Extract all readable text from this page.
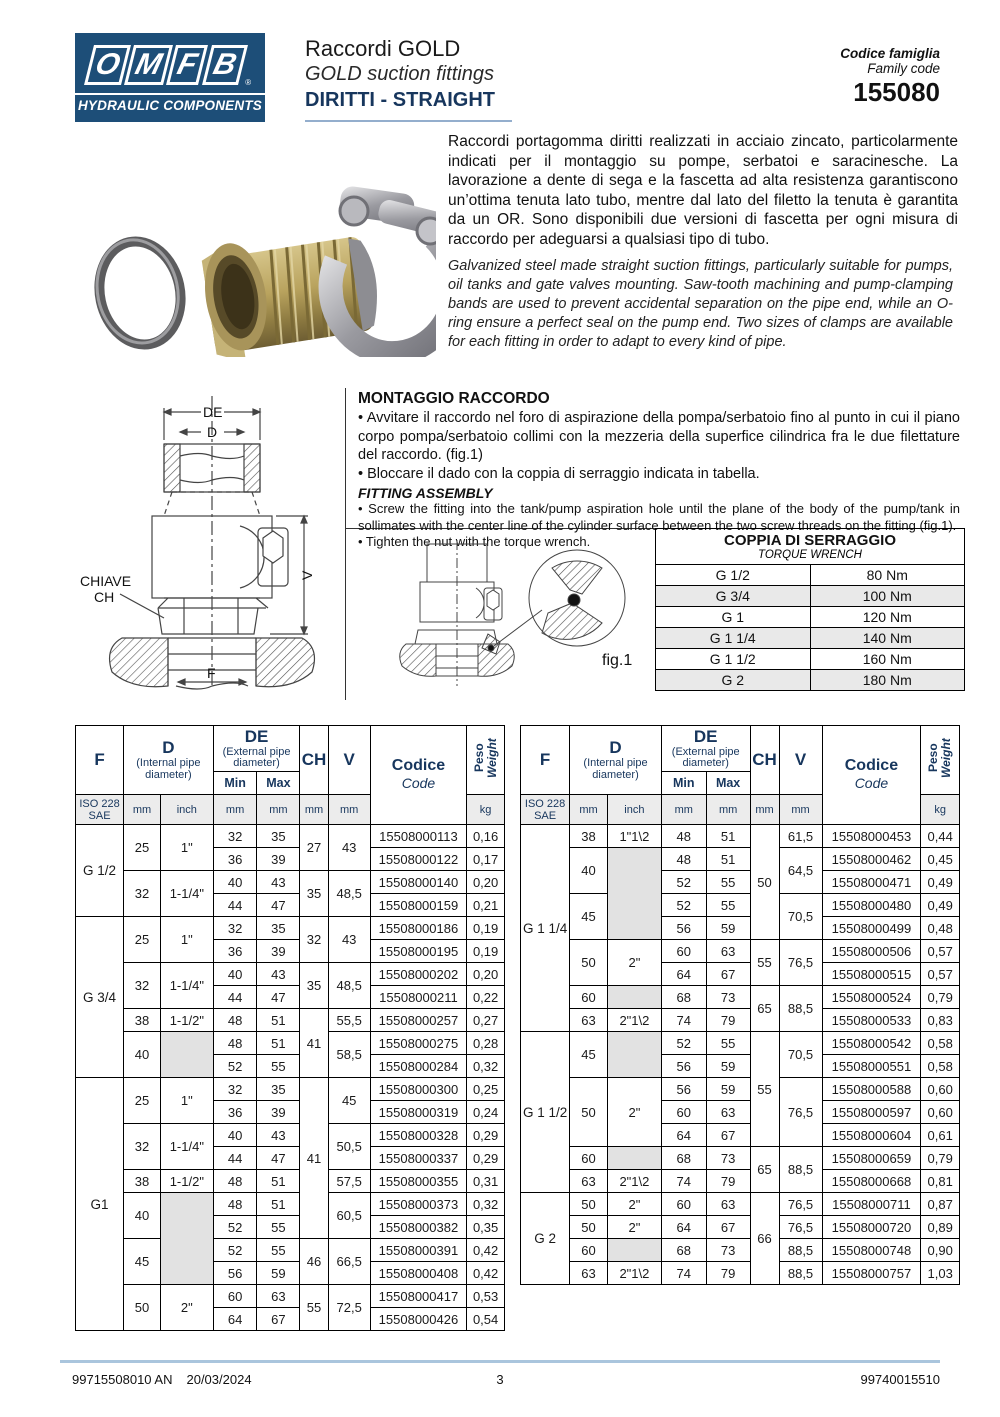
O M F B
®
HYDRAULIC COMPONENTS
Raccordi GOLD
GOLD suction fittings
DIRITTI - STRAIGHT
Codice famiglia
Family code
155080
Raccordi portagomma diritti realizzati in acciaio zincato, particolarmente indicati per il montaggio su pompe, serbatoi e saracinesche. La lavorazione a dente di sega e la fascetta ad alta resistenza garantiscono un’ottima tenuta lato tubo, mentre dal lato del filetto la tenuta è garantita da un OR. Sono disponibili due versioni di fascetta per ogni misura di raccordo per adeguarsi a qualsiasi tipo di tubo.
Galvanized steel made straight suction fittings, particularly suitable for pumps, oil tanks and gate valves mounting. Saw-tooth machining and pump-clamping bands are used to prevent accidental separation on the pipe end, while an O-ring ensure a perfect seal on the pump end. Two sizes of clamps are available for each fitting in order to adapt to every kind of pipe.
DE
D
V
F
CHIAVE
CH
MONTAGGIO RACCORDO
• Avvitare il raccordo nel foro di aspirazione della pompa/serbatoio fino al punto in cui il piano corpo pompa/serbatoio collimi con la mezzeria della superfice cilindrica fra le due filettature del raccordo. (fig.1)
• Bloccare il dado con la coppia di serraggio indicata in tabella.
FITTING ASSEMBLY
• Screw the fitting into the tank/pump aspiration hole until the plane of the body of the pump/tank in sollimates with the center line of the cylinder surface between the two screw threads on the fitting (fig.1).
• Tighten the nut with the torque wrench.
fig.1
COPPIA DI SERRAGGIO
TORQUE WRENCH	

G 1/2	80 Nm
G 3/4	100 Nm
G 1	120 Nm
G 1 1/4	140 Nm
G 1 1/2	160 Nm
G 2	180 Nm
F	D
(Internal pipe diameter)		DE
(External pipe diameter)		CH	V	Codice
Code	Peso Weight
			Min	Max				
ISO 228
SAE	mm	inch	mm	mm	mm	mm		kg
G 1/2	25	1"	32	35	27	43	15508000113	0,16
			36	39			15508000122	0,17
	32	1-1/4"	40	43	35	48,5	15508000140	0,20
			44	47			15508000159	0,21
G 3/4	25	1"	32	35	32	43	15508000186	0,19
			36	39			15508000195	0,19
	32	1-1/4"	40	43	35	48,5	15508000202	0,20
			44	47			15508000211	0,22
	38	1-1/2"	48	51	41	55,5	15508000257	0,27
	40		48	51		58,5	15508000275	0,28
			52	55			15508000284	0,32
G1	25	1"	32	35	41	45	15508000300	0,25
			36	39			15508000319	0,24
	32	1-1/4"	40	43		50,5	15508000328	0,29
			44	47			15508000337	0,29
	38	1-1/2"	48	51		57,5	15508000355	0,31
	40		48	51		60,5	15508000373	0,32
			52	55			15508000382	0,35
	45		52	55	46	66,5	15508000391	0,42
			56	59			15508000408	0,42
	50	2"	60	63	55	72,5	15508000417	0,53
			64	67			15508000426	0,54
F	D
(Internal pipe diameter)		DE
(External pipe diameter)		CH	V	Codice
Code	Peso Weight
			Min	Max				
ISO 228
SAE	mm	inch	mm	mm	mm	mm		kg
G 1 1/4	38	1"1\2	48	51	50	61,5	15508000453	0,44
	40		48	51		64,5	15508000462	0,45
			52	55			15508000471	0,49
	45		52	55		70,5	15508000480	0,49
			56	59			15508000499	0,48
	50	2"	60	63	55	76,5	15508000506	0,57
			64	67			15508000515	0,57
	60		68	73	65	88,5	15508000524	0,79
	63	2"1\2	74	79			15508000533	0,83
G 1 1/2	45		52	55	55	70,5	15508000542	0,58
			56	59			15508000551	0,58
	50	2"	56	59		76,5	15508000588	0,60
			60	63			15508000597	0,60
			64	67			15508000604	0,61
	60		68	73	65	88,5	15508000659	0,79
	63	2"1\2	74	79			15508000668	0,81
G 2	50	2"	60	63	66	76,5	15508000711	0,87
	50	2"	64	67		76,5	15508000720	0,89
	60		68	73		88,5	15508000748	0,90
	63	2"1\2	74	79		88,5	15508000757	1,03
3
99715508010 AN 20/03/2024	99740015510
